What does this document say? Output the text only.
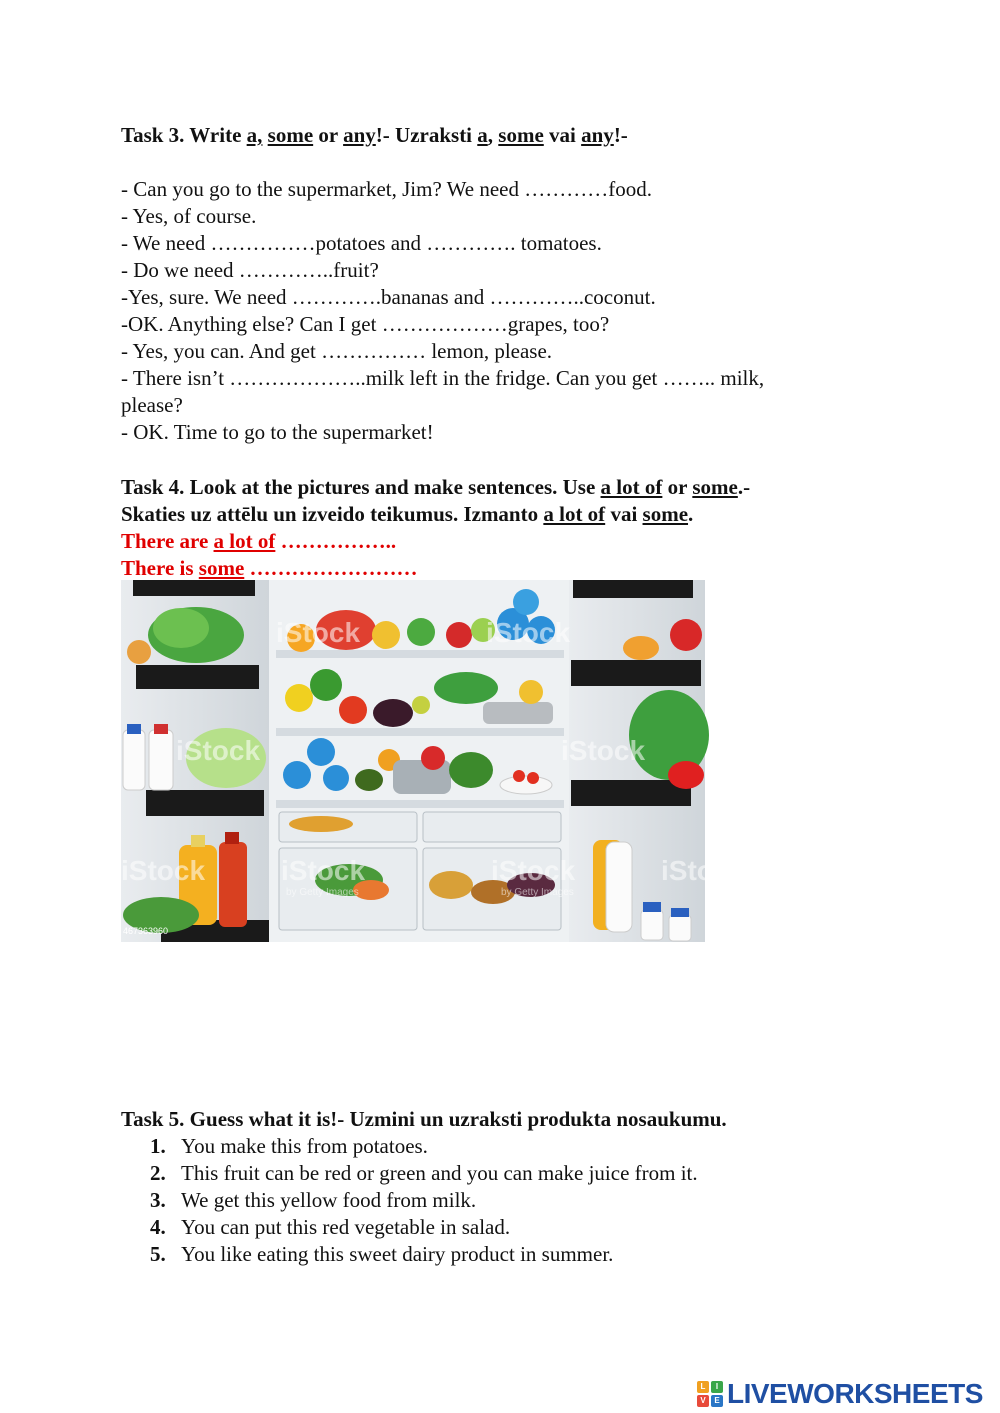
Task 3. Write a, some or any!- Uzraksti a, some vai any!-
- Can you go to the supermarket, Jim? We need …………food.
- Yes, of course.
- We need ……………potatoes and …………. tomatoes.
- Do we need …………..fruit?
-Yes, sure. We need ………….bananas and …………..coconut.
-OK. Anything else? Can I get ………………grapes, too?
- Yes, you can. And get …………… lemon, please.
- There isn’t ………………..milk left in the fridge. Can you get …….. milk,
please?
- OK. Time to go to the supermarket!
Task 4. Look at the pictures and make sentences. Use a lot of or some.-
Skaties uz attēlu un izveido teikumus. Izmanto a lot of vai some.
There are a lot of ……………..
There is some ……………………
iStock	iStock
iStock	iStock
iStock	iStock	iStock	iStock
by Getty Images	by Getty Images
467363960
Task 5. Guess what it is!- Uzmini un uzraksti produkta nosaukumu.
1. You make this from potatoes.
2. This fruit can be red or green and you can make juice from it.
3. We get this yellow food from milk.
4. You can put this red vegetable in salad.
5. You like eating this sweet dairy product in summer.
L	I
V	E LIVEWORKSHEETS
